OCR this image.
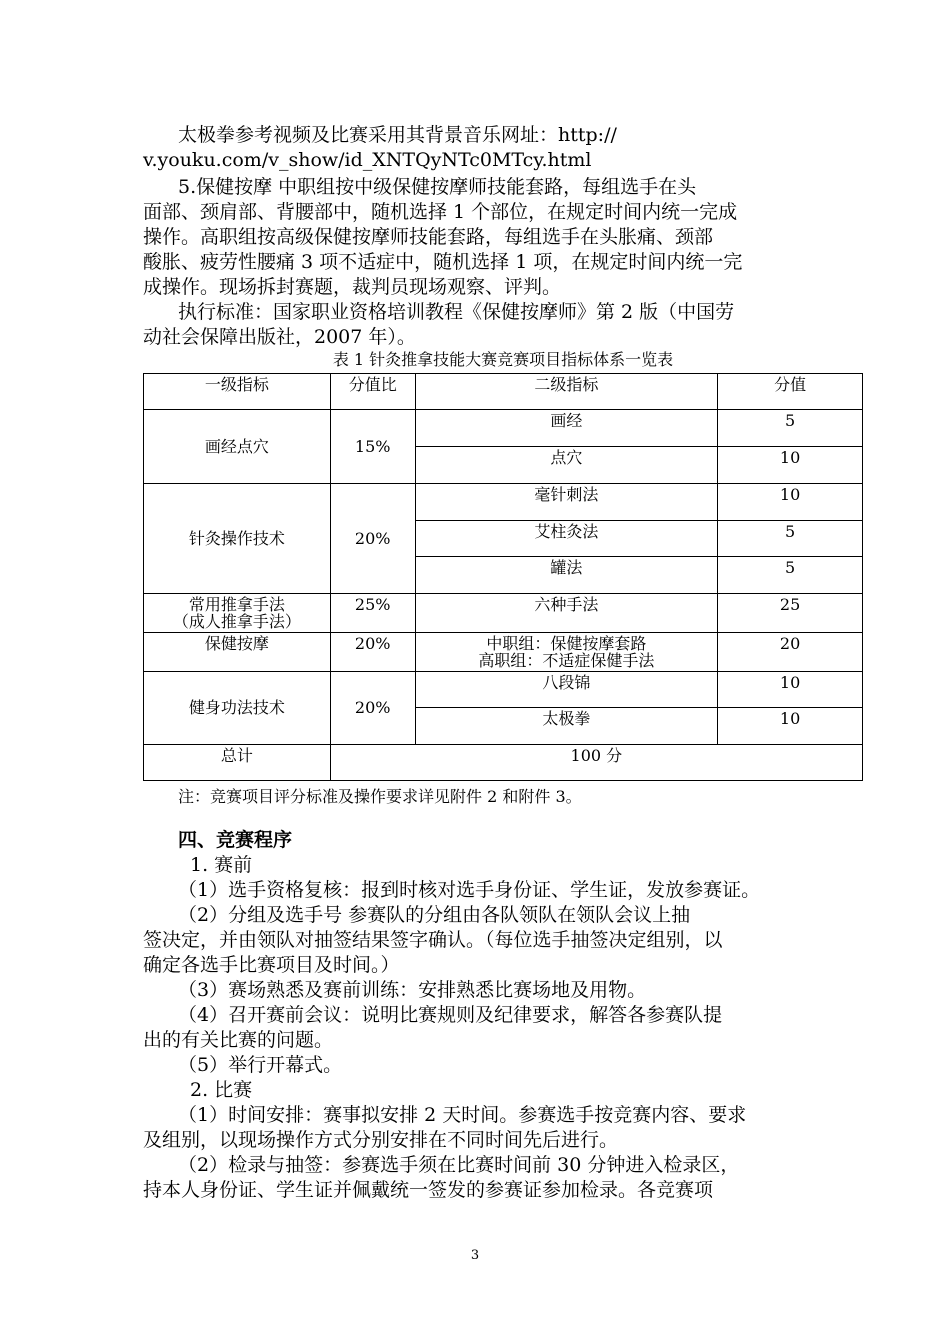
太极拳参考视频及比赛采用其背景音乐网址：http://
v.youku.com/v_show/id_XNTQyNTc0MTcy.html
5.保健按摩 中职组按中级保健按摩师技能套路，每组选手在头
面部、颈肩部、背腰部中，随机选择 1 个部位，在规定时间内统一完成
操作。高职组按高级保健按摩师技能套路，每组选手在头胀痛、颈部
酸胀、疲劳性腰痛 3 项不适症中，随机选择 1 项，在规定时间内统一完
成操作。现场拆封赛题，裁判员现场观察、评判。
执行标准：国家职业资格培训教程《保健按摩师》第 2 版（中国劳
动社会保障出版社，2007 年）。
表 1 针灸推拿技能大赛竞赛项目指标体系一览表
一级指标	分值比	二级指标	分值
画经点穴	15%	画经	5
		点穴	10
针灸操作技术	20%	毫针刺法	10
		艾柱灸法	5
		罐法	5

常用推拿手法
（成人推拿手法）	25%	六种手法	25
保健按摩	20%	中职组：保健按摩套路
高职组：不适症保健手法	20
健身功法技术	20%	八段锦	10
		太极拳	10
总计	100 分		
注：竞赛项目评分标准及操作要求详见附件 2 和附件 3。
四、竞赛程序
1. 赛前
（1）选手资格复核：报到时核对选手身份证、学生证，发放参赛证。
（2）分组及选手号 参赛队的分组由各队领队在领队会议上抽
签决定，并由领队对抽签结果签字确认。（每位选手抽签决定组别，以
确定各选手比赛项目及时间。）
（3）赛场熟悉及赛前训练：安排熟悉比赛场地及用物。
（4）召开赛前会议：说明比赛规则及纪律要求，解答各参赛队提
出的有关比赛的问题。
（5）举行开幕式。
2. 比赛
（1）时间安排：赛事拟安排 2 天时间。参赛选手按竞赛内容、要求
及组别，以现场操作方式分别安排在不同时间先后进行。
（2）检录与抽签：参赛选手须在比赛时间前 30 分钟进入检录区，
持本人身份证、学生证并佩戴统一签发的参赛证参加检录。各竞赛项
3
